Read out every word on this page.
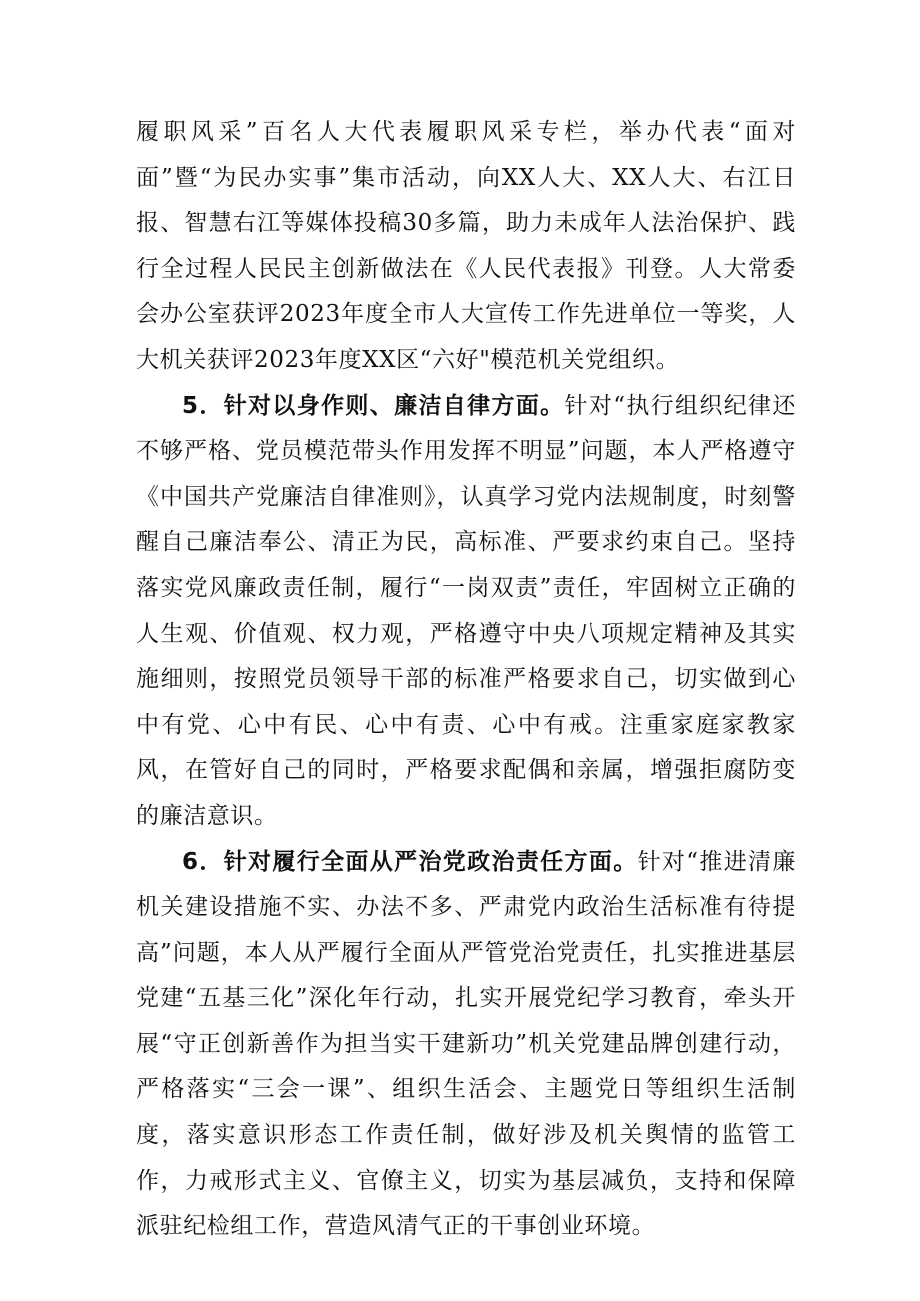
履职风采”百名人大代表履职风采专栏，举办代表“面对面”暨“为民办实事”集市活动，向XX人大、XX人大、右江日报、智慧右江等媒体投稿30多篇，助力未成年人法治保护、践行全过程人民民主创新做法在《人民代表报》刊登。人大常委会办公室获评2023年度全市人大宣传工作先进单位一等奖，人大机关获评2023年度XX区“六好"模范机关党组织。

5．针对以身作则、廉洁自律方面。针对“执行组织纪律还不够严格、党员模范带头作用发挥不明显”问题，本人严格遵守《中国共产党廉洁自律准则》，认真学习党内法规制度，时刻警醒自己廉洁奉公、清正为民，高标准、严要求约束自己。坚持落实党风廉政责任制，履行“一岗双责”责任，牢固树立正确的人生观、价值观、权力观，严格遵守中央八项规定精神及其实施细则，按照党员领导干部的标准严格要求自己，切实做到心中有党、心中有民、心中有责、心中有戒。注重家庭家教家风，在管好自己的同时，严格要求配偶和亲属，增强拒腐防变的廉洁意识。

6．针对履行全面从严治党政治责任方面。针对“推进清廉机关建设措施不实、办法不多、严肃党内政治生活标准有待提高”问题，本人从严履行全面从严管党治党责任，扎实推进基层党建“五基三化”深化年行动，扎实开展党纪学习教育，牵头开展“守正创新善作为担当实干建新功”机关党建品牌创建行动，严格落实“三会一课”、组织生活会、主题党日等组织生活制度，落实意识形态工作责任制，做好涉及机关舆情的监管工作，力戒形式主义、官僚主义，切实为基层减负，支持和保障派驻纪检组工作，营造风清气正的干事创业环境。
